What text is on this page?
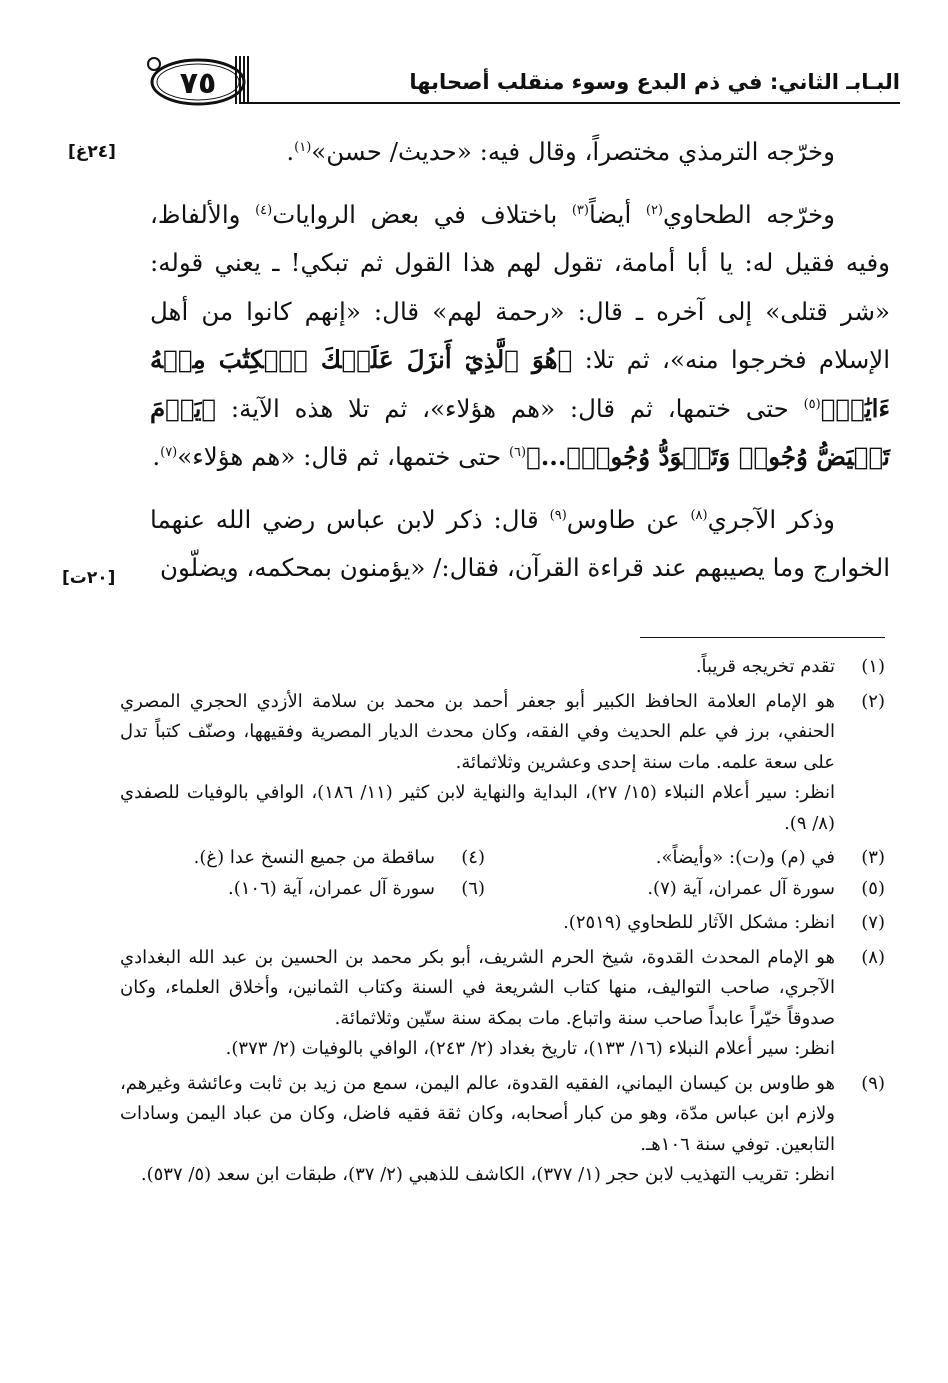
البـابـ الثاني: في ذم البدع وسوء منقلب أصحابها
٧٥
[٢٤غ]
[٢٠ت]

وخرّجه الترمذي مختصراً، وقال فيه: «حديث/ حسن»$^{(١)}$.

وخرّجه الطحاوي$^{(٢)}$ أيضاً$^{(٣)}$ باختلاف في بعض الروايات$^{(٤)}$ والألفاظ، وفيه فقيل له: يا أبا أمامة، تقول لهم هذا القول ثم تبكي! ـ يعني قوله: «شر قتلى» إلى آخره ـ قال: «رحمة لهم» قال: «إنهم كانوا من أهل الإسلام فخرجوا منه»، ثم تلا: ﴿هُوَ ٱلَّذِيٓ أَنزَلَ عَلَيۡكَ ٱلۡكِتَٰبَ مِنۡهُ ءَايَٰتٞ﴾$^{(٥)}$ حتى ختمها، ثم قال: «هم هؤلاء»، ثم تلا هذه الآية: ﴿يَوۡمَ تَبۡيَضُّ وُجُوهٞ وَتَسۡوَدُّ وُجُوهٞۚ...﴾$^{(٦)}$ حتى ختمها، ثم قال: «هم هؤلاء»$^{(٧)}$.

وذكر الآجري$^{(٨)}$ عن طاوس$^{(٩)}$ قال: ذكر لابن عباس رضي الله عنهما الخوارج وما يصيبهم عند قراءة القرآن، فقال:/ «يؤمنون بمحكمه، ويضلّون

(١)
تقدم تخريجه قريباً.

(٢)
هو الإمام العلامة الحافظ الكبير أبو جعفر أحمد بن محمد بن سلامة الأزدي الحجري المصري الحنفي، برز في علم الحديث وفي الفقه، وكان محدث الديار المصرية وفقيهها، وصنّف كتباً تدل على سعة علمه. مات سنة إحدى وعشرين وثلاثمائة.

انظر: سير أعلام النبلاء (١٥/ ٢٧)، البداية والنهاية لابن كثير (١١/ ١٨٦)، الوافي بالوفيات للصفدي (٨/ ٩).

(٣)
في (م) و(ت): «وأيضاً».

(٤)
ساقطة من جميع النسخ عدا (غ).

(٥)
سورة آل عمران، آية (٧).

(٦)
سورة آل عمران، آية (١٠٦).

(٧)
انظر: مشكل الآثار للطحاوي (٢٥١٩).

(٨)
هو الإمام المحدث القدوة، شيخ الحرم الشريف، أبو بكر محمد بن الحسين بن عبد الله البغدادي الآجري، صاحب التواليف، منها كتاب الشريعة في السنة وكتاب الثمانين، وأخلاق العلماء، وكان صدوقاً خيّراً عابداً صاحب سنة واتباع. مات بمكة سنة ستّين وثلاثمائة.

انظر: سير أعلام النبلاء (١٦/ ١٣٣)، تاريخ بغداد (٢/ ٢٤٣)، الوافي بالوفيات (٢/ ٣٧٣).

(٩)
هو طاوس بن كيسان اليماني، الفقيه القدوة، عالم اليمن، سمع من زيد بن ثابت وعائشة وغيرهم، ولازم ابن عباس مدّة، وهو من كبار أصحابه، وكان ثقة فقيه فاضل، وكان من عباد اليمن وسادات التابعين. توفي سنة ١٠٦هـ.

انظر: تقريب التهذيب لابن حجر (١/ ٣٧٧)، الكاشف للذهبي (٢/ ٣٧)، طبقات ابن سعد (٥/ ٥٣٧).
